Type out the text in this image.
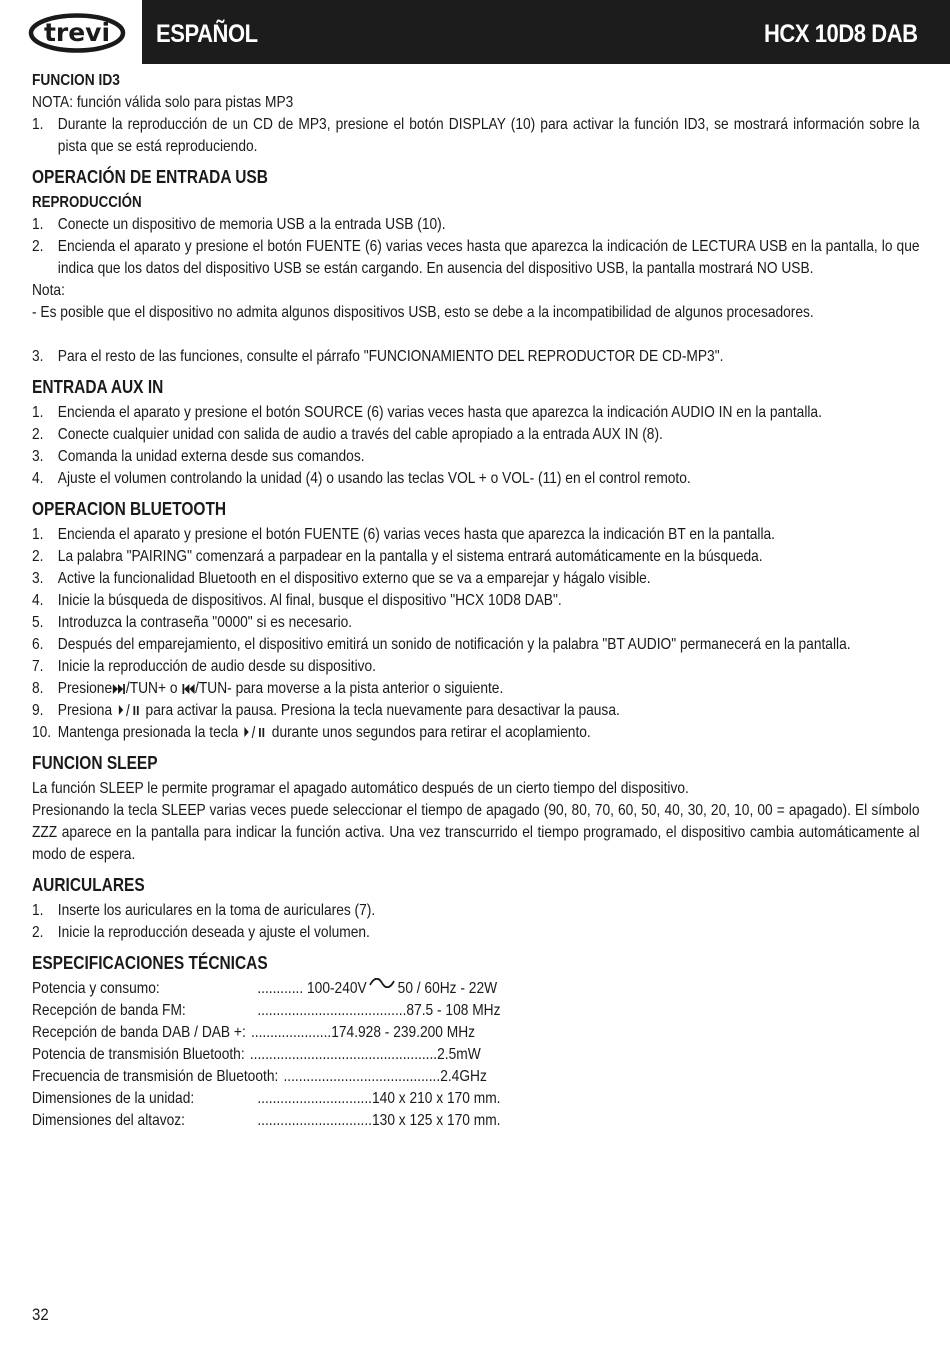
trevi ESPAÑOL	HCX 10D8 DAB
FUNCION ID3

NOTA: función válida solo para pistas MP3

1. Durante la reproducción de un CD de MP3, presione el botón DISPLAY (10) para activar la función ID3, se mostrará información sobre la pista que se está reproduciendo.
OPERACIÓN DE ENTRADA USB
REPRODUCCIÓN
1. Conecte un dispositivo de memoria USB a la entrada USB (10).
2. Encienda el aparato y presione el botón FUENTE (6) varias veces hasta que aparezca la indicación de LECTURA USB en la pantalla, lo que indica que los datos del dispositivo USB se están cargando. En ausencia del dispositivo USB, la pantalla mostrará NO USB.

Nota:

- Es posible que el dispositivo no admita algunos dispositivos USB, esto se debe a la incompatibilidad de algunos procesadores.

3. Para el resto de las funciones, consulte el párrafo "FUNCIONAMIENTO DEL REPRODUCTOR DE CD-MP3".
ENTRADA AUX IN
1. Encienda el aparato y presione el botón SOURCE (6) varias veces hasta que aparezca la indicación AUDIO IN en la pantalla.
2. Conecte cualquier unidad con salida de audio a través del cable apropiado a la entrada AUX IN (8).
3. Comanda la unidad externa desde sus comandos.
4. Ajuste el volumen controlando la unidad (4) o usando las teclas VOL + o VOL- (11) en el control remoto.
OPERACION BLUETOOTH
1. Encienda el aparato y presione el botón FUENTE (6) varias veces hasta que aparezca la indicación BT en la pantalla.
2. La palabra "PAIRING" comenzará a parpadear en la pantalla y el sistema entrará automáticamente en la búsqueda.
3. Active la funcionalidad Bluetooth en el dispositivo externo que se va a emparejar y hágalo visible.
4. Inicie la búsqueda de dispositivos. Al final, busque el dispositivo "HCX 10D8 DAB".
5. Introduzca la contraseña "0000" si es necesario.
6. Después del emparejamiento, el dispositivo emitirá un sonido de notificación y la palabra "BT AUDIO" permanecerá en la pantalla.
7. Inicie la reproducción de audio desde su dispositivo.
8. Presione /TUN+ o /TUN- para moverse a la pista anterior o siguiente.
9. Presiona  para activar la pausa. Presiona la tecla nuevamente para desactivar la pausa.
10. Mantenga presionada la tecla  durante unos segundos para retirar el acoplamiento.
FUNCION SLEEP

La función SLEEP le permite programar el apagado automático después de un cierto tiempo del dispositivo.

Presionando la tecla SLEEP varias veces puede seleccionar el tiempo de apagado (90, 80, 70, 60, 50, 40, 30, 20, 10, 00 = apagado). El símbolo ZZZ aparece en la pantalla para indicar la función activa. Una vez transcurrido el tiempo programado, el dispositivo cambia automáticamente al modo de espera.

AURICULARES
1. Inserte los auriculares en la toma de auriculares (7).
2. Inicie la reproducción deseada y ajuste el volumen.
ESPECIFICACIONES TÉCNICAS
Potencia y consumo:	............ 100-240V 50 / 60Hz - 22W
Recepción de banda FM:	....................................... 87.5 - 108 MHz
Recepción de banda DAB / DAB +: ..................... 174.928 - 239.200 MHz
Potencia de transmisión Bluetooth: ................................................. 2.5mW
Frecuencia de transmisión de Bluetooth: ......................................... 2.4GHz
Dimensiones de la unidad:	.............................. 140 x 210 x 170 mm.
Dimensiones del altavoz:	.............................. 130 x 125 x 170 mm.
32
